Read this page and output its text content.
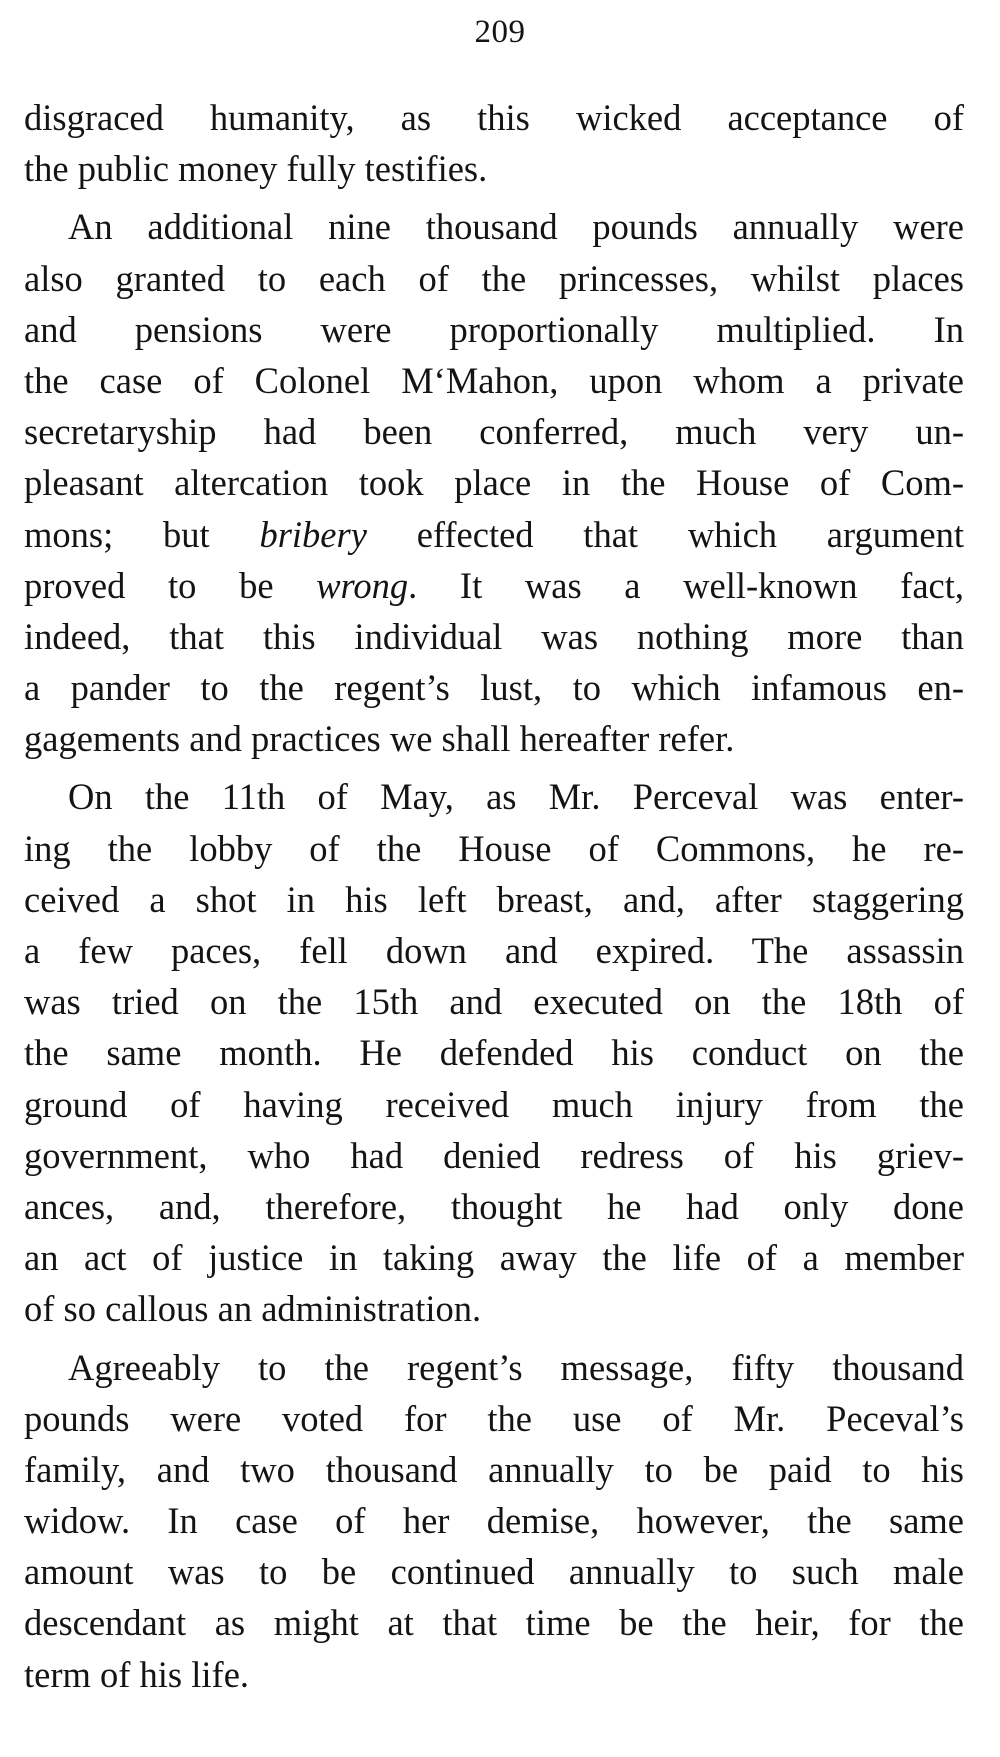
209
disgraced humanity, as this wicked acceptance of
the public money fully testifies.
An additional nine thousand pounds annually were
also granted to each of the princesses, whilst places
and pensions were proportionally multiplied. In
the case of Colonel M‘Mahon, upon whom a private
secretaryship had been conferred, much very un-
pleasant altercation took place in the House of Com-
mons; but bribery effected that which argument
proved to be wrong. It was a well-known fact,
indeed, that this individual was nothing more than
a pander to the regent’s lust, to which infamous en-
gagements and practices we shall hereafter refer.
On the 11th of May, as Mr. Perceval was enter-
ing the lobby of the House of Commons, he re-
ceived a shot in his left breast, and, after staggering
a few paces, fell down and expired. The assassin
was tried on the 15th and executed on the 18th of
the same month. He defended his conduct on the
ground of having received much injury from the
government, who had denied redress of his griev-
ances, and, therefore, thought he had only done
an act of justice in taking away the life of a member
of so callous an administration.
Agreeably to the regent’s message, fifty thousand
pounds were voted for the use of Mr. Peceval’s
family, and two thousand annually to be paid to his
widow. In case of her demise, however, the same
amount was to be continued annually to such male
descendant as might at that time be the heir, for the
term of his life.
